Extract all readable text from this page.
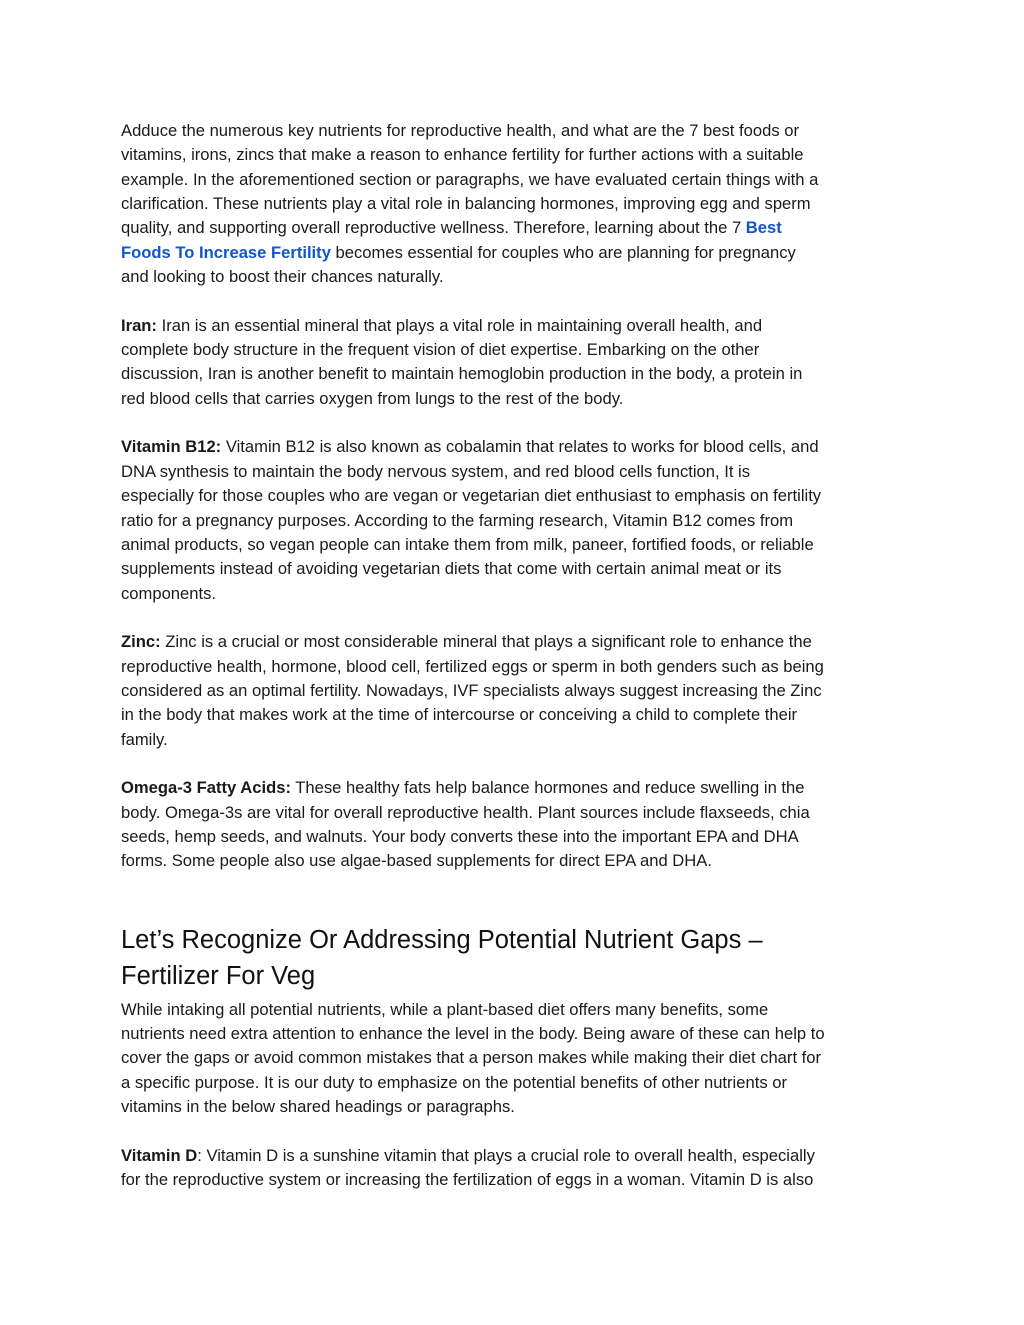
Adduce the numerous key nutrients for reproductive health, and what are the 7 best foods or
vitamins, irons, zincs that make a reason to enhance fertility for further actions with a suitable
example. In the aforementioned section or paragraphs, we have evaluated certain things with a
clarification. These nutrients play a vital role in balancing hormones, improving egg and sperm
quality, and supporting overall reproductive wellness. Therefore, learning about the 7 Best
Foods To Increase Fertility becomes essential for couples who are planning for pregnancy
and looking to boost their chances naturally.

Iran: Iran is an essential mineral that plays a vital role in maintaining overall health, and
complete body structure in the frequent vision of diet expertise. Embarking on the other
discussion, Iran is another benefit to maintain hemoglobin production in the body, a protein in
red blood cells that carries oxygen from lungs to the rest of the body.

Vitamin B12: Vitamin B12 is also known as cobalamin that relates to works for blood cells, and
DNA synthesis to maintain the body nervous system, and red blood cells function, It is
especially for those couples who are vegan or vegetarian diet enthusiast to emphasis on fertility
ratio for a pregnancy purposes. According to the farming research, Vitamin B12 comes from
animal products, so vegan people can intake them from milk, paneer, fortified foods, or reliable
supplements instead of avoiding vegetarian diets that come with certain animal meat or its
components.

Zinc: Zinc is a crucial or most considerable mineral that plays a significant role to enhance the
reproductive health, hormone, blood cell, fertilized eggs or sperm in both genders such as being
considered as an optimal fertility. Nowadays, IVF specialists always suggest increasing the Zinc
in the body that makes work at the time of intercourse or conceiving a child to complete their
family.

Omega-3 Fatty Acids: These healthy fats help balance hormones and reduce swelling in the
body. Omega-3s are vital for overall reproductive health. Plant sources include flaxseeds, chia
seeds, hemp seeds, and walnuts. Your body converts these into the important EPA and DHA
forms. Some people also use algae-based supplements for direct EPA and DHA.

Let’s Recognize Or Addressing Potential Nutrient Gaps –
Fertilizer For Veg

While intaking all potential nutrients, while a plant-based diet offers many benefits, some
nutrients need extra attention to enhance the level in the body. Being aware of these can help to
cover the gaps or avoid common mistakes that a person makes while making their diet chart for
a specific purpose. It is our duty to emphasize on the potential benefits of other nutrients or
vitamins in the below shared headings or paragraphs.

Vitamin D: Vitamin D is a sunshine vitamin that plays a crucial role to overall health, especially
for the reproductive system or increasing the fertilization of eggs in a woman. Vitamin D is also
